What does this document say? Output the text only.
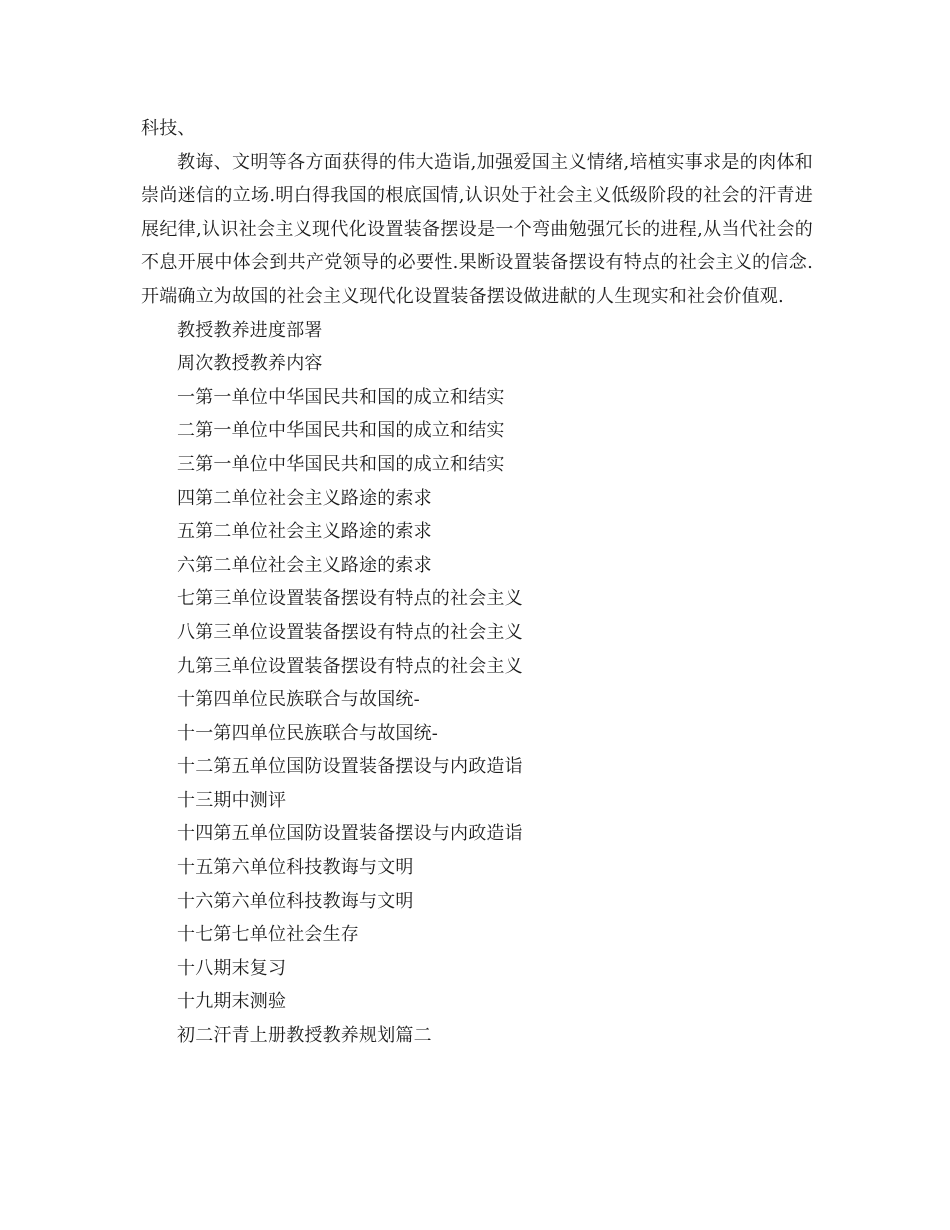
科技、

教诲、文明等各方面获得的伟大造诣,加强爱国主义情绪,培植实事求是的肉体和崇尚迷信的立场.明白得我国的根底国情,认识处于社会主义低级阶段的社会的汗青进展纪律,认识社会主义现代化设置装备摆设是一个弯曲勉强冗长的进程,从当代社会的不息开展中体会到共产党领导的必要性.果断设置装备摆设有特点的社会主义的信念.开端确立为故国的社会主义现代化设置装备摆设做进献的人生现实和社会价值观.

教授教养进度部署
周次教授教养内容
一第一单位中华国民共和国的成立和结实
二第一单位中华国民共和国的成立和结实
三第一单位中华国民共和国的成立和结实
四第二单位社会主义路途的索求
五第二单位社会主义路途的索求
六第二单位社会主义路途的索求
七第三单位设置装备摆设有特点的社会主义
八第三单位设置装备摆设有特点的社会主义
九第三单位设置装备摆设有特点的社会主义
十第四单位民族联合与故国统-
十一第四单位民族联合与故国统-
十二第五单位国防设置装备摆设与内政造诣
十三期中测评
十四第五单位国防设置装备摆设与内政造诣
十五第六单位科技教诲与文明
十六第六单位科技教诲与文明
十七第七单位社会生存
十八期末复习
十九期末测验
初二汗青上册教授教养规划篇二
